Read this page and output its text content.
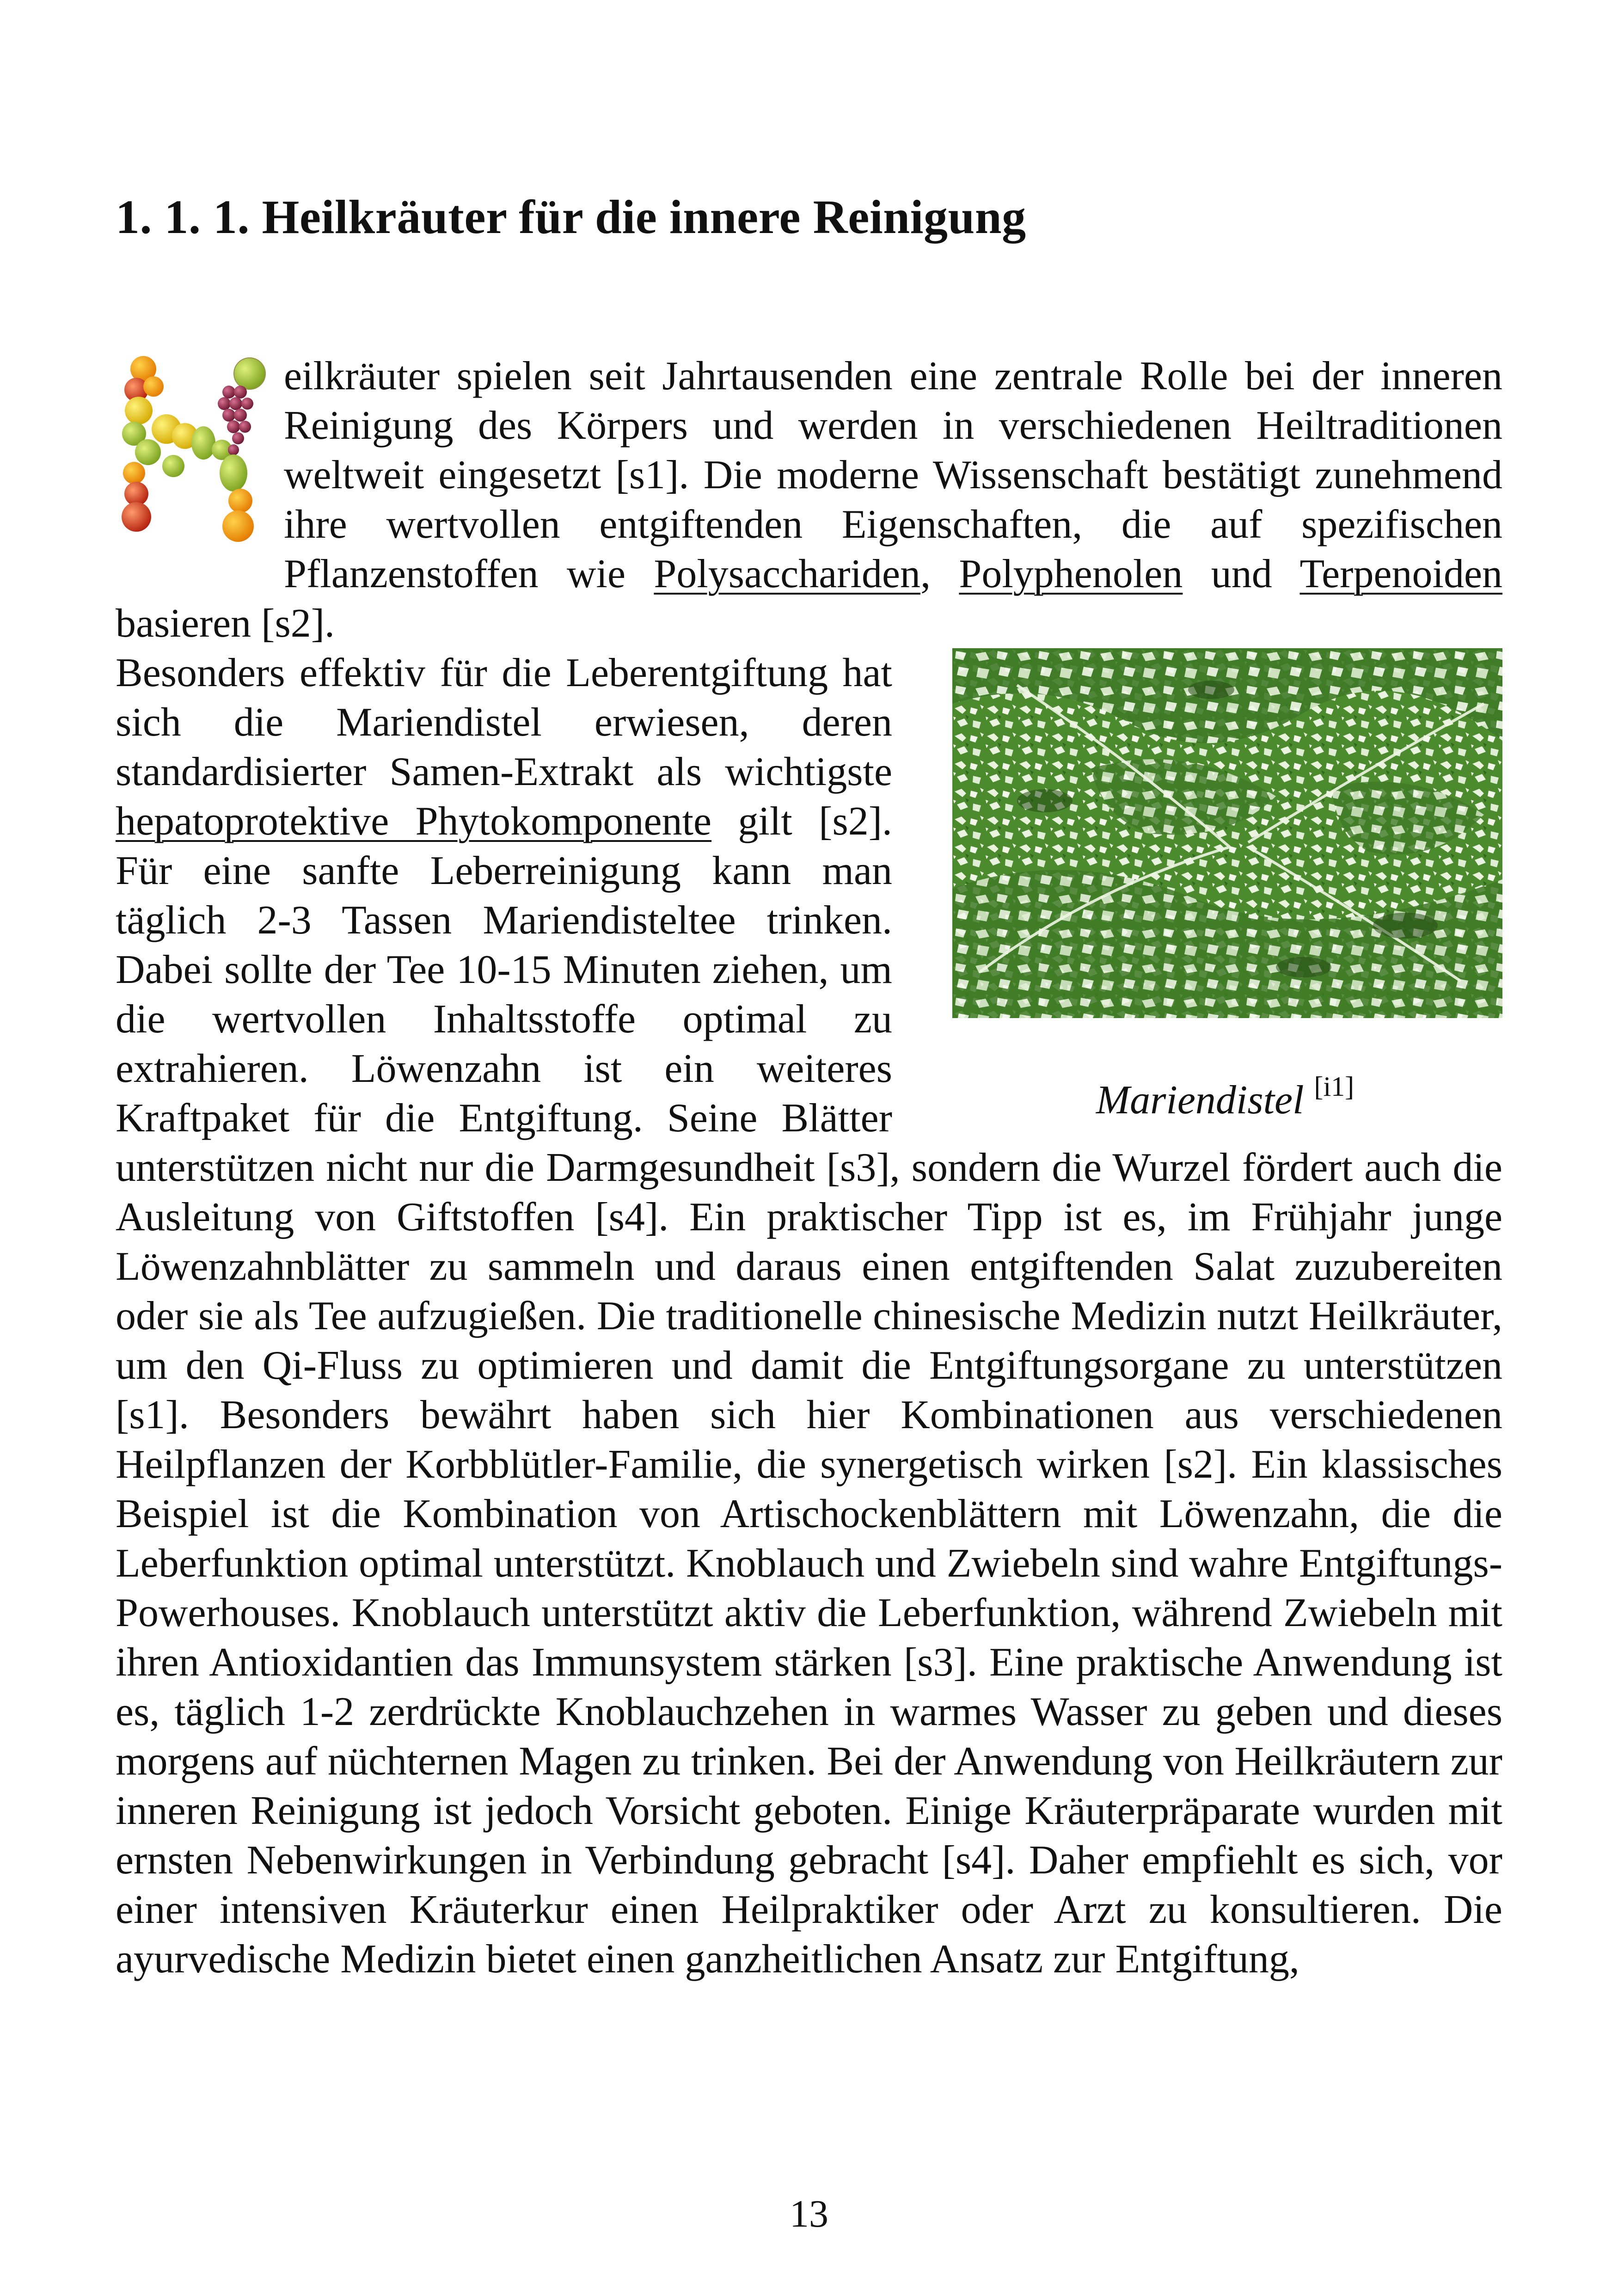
1. 1. 1. Heilkräuter für die innere Reinigung

eilkräuter spielen seit Jahrtausenden eine zentrale Rolle bei der inneren Reinigung des Körpers und werden in verschiedenen Heiltraditionen weltweit eingesetzt [s1]. Die moderne Wissenschaft bestätigt zunehmend ihre wertvollen entgiftenden Eigenschaften, die auf spezifischen Pflanzenstoffen wie Polysacchariden, Polyphenolen und Terpenoiden basieren [s2].

Mariendistel [i1]

Besonders effektiv für die Leberentgiftung hat sich die Mariendistel erwiesen, deren standardisierter Samen-Extrakt als wichtigste hepatoprotektive Phytokomponente gilt [s2]. Für eine sanfte Leberreinigung kann man täglich 2-3 Tassen Mariendisteltee trinken. Dabei sollte der Tee 10-15 Minuten ziehen, um die wertvollen Inhaltsstoffe optimal zu extrahieren. Löwenzahn ist ein weiteres Kraftpaket für die Entgiftung. Seine Blätter unterstützen nicht nur die Darmgesundheit [s3], sondern die Wurzel fördert auch die Ausleitung von Giftstoffen [s4]. Ein praktischer Tipp ist es, im Frühjahr junge Löwenzahnblätter zu sammeln und daraus einen entgiftenden Salat zuzubereiten oder sie als Tee aufzugießen. Die traditionelle chinesische Medizin nutzt Heilkräuter, um den Qi-Fluss zu optimieren und damit die Entgiftungsorgane zu unterstützen [s1]. Besonders bewährt haben sich hier Kombinationen aus verschiedenen Heilpflanzen der Korbblütler-Familie, die synergetisch wirken [s2]. Ein klassisches Beispiel ist die Kombination von Artischockenblättern mit Löwenzahn, die die Leberfunktion optimal unterstützt. Knoblauch und Zwiebeln sind wahre Entgiftungs-Powerhouses. Knoblauch unterstützt aktiv die Leberfunktion, während Zwiebeln mit ihren Antioxidantien das Immunsystem stärken [s3]. Eine praktische Anwendung ist es, täglich 1-2 zerdrückte Knoblauchzehen in warmes Wasser zu geben und dieses morgens auf nüchternen Magen zu trinken. Bei der Anwendung von Heilkräutern zur inneren Reinigung ist jedoch Vorsicht geboten. Einige Kräuterpräparate wurden mit ernsten Nebenwirkungen in Verbindung gebracht [s4]. Daher empfiehlt es sich, vor einer intensiven Kräuterkur einen Heilpraktiker oder Arzt zu konsultieren. Die ayurvedische Medizin bietet einen ganzheitlichen Ansatz zur Entgiftung,

13
